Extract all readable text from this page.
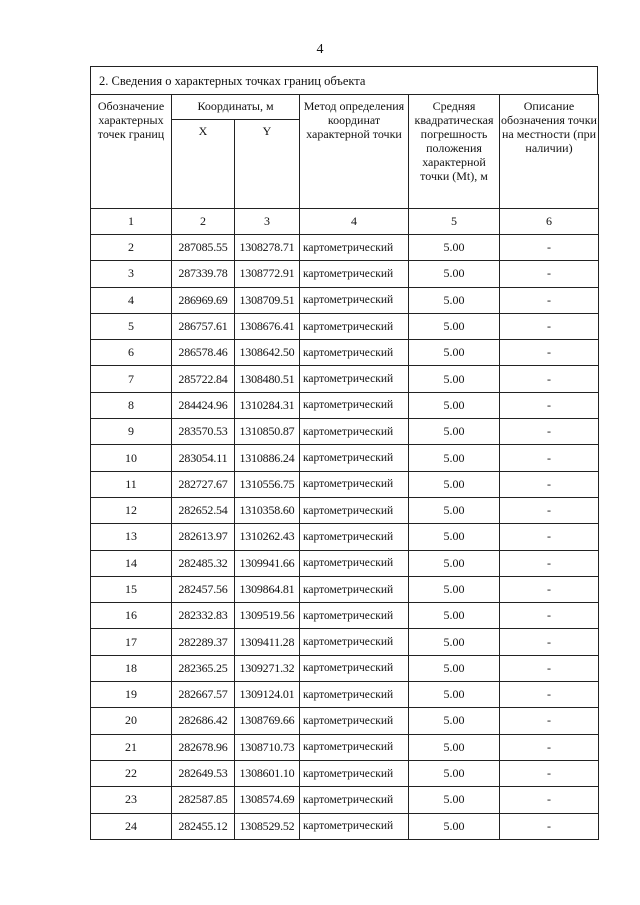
4
2. Сведения о характерных точках границ объекта
Обозначение характерных точек границ	Координаты, м		Метод определения координат характерной точки	Средняя квадратическая погрешность положения характерной точки (Mt), м	Описание обозначения точки на местности (при наличии)
	X	Y			
1	2	3	4	5	6
2	287085.55	1308278.71	картометрический	5.00	-
3	287339.78	1308772.91	картометрический	5.00	-
4	286969.69	1308709.51	картометрический	5.00	-
5	286757.61	1308676.41	картометрический	5.00	-
6	286578.46	1308642.50	картометрический	5.00	-
7	285722.84	1308480.51	картометрический	5.00	-
8	284424.96	1310284.31	картометрический	5.00	-
9	283570.53	1310850.87	картометрический	5.00	-
10	283054.11	1310886.24	картометрический	5.00	-
11	282727.67	1310556.75	картометрический	5.00	-
12	282652.54	1310358.60	картометрический	5.00	-
13	282613.97	1310262.43	картометрический	5.00	-
14	282485.32	1309941.66	картометрический	5.00	-
15	282457.56	1309864.81	картометрический	5.00	-
16	282332.83	1309519.56	картометрический	5.00	-
17	282289.37	1309411.28	картометрический	5.00	-
18	282365.25	1309271.32	картометрический	5.00	-
19	282667.57	1309124.01	картометрический	5.00	-
20	282686.42	1308769.66	картометрический	5.00	-
21	282678.96	1308710.73	картометрический	5.00	-
22	282649.53	1308601.10	картометрический	5.00	-
23	282587.85	1308574.69	картометрический	5.00	-
24	282455.12	1308529.52	картометрический	5.00	-
